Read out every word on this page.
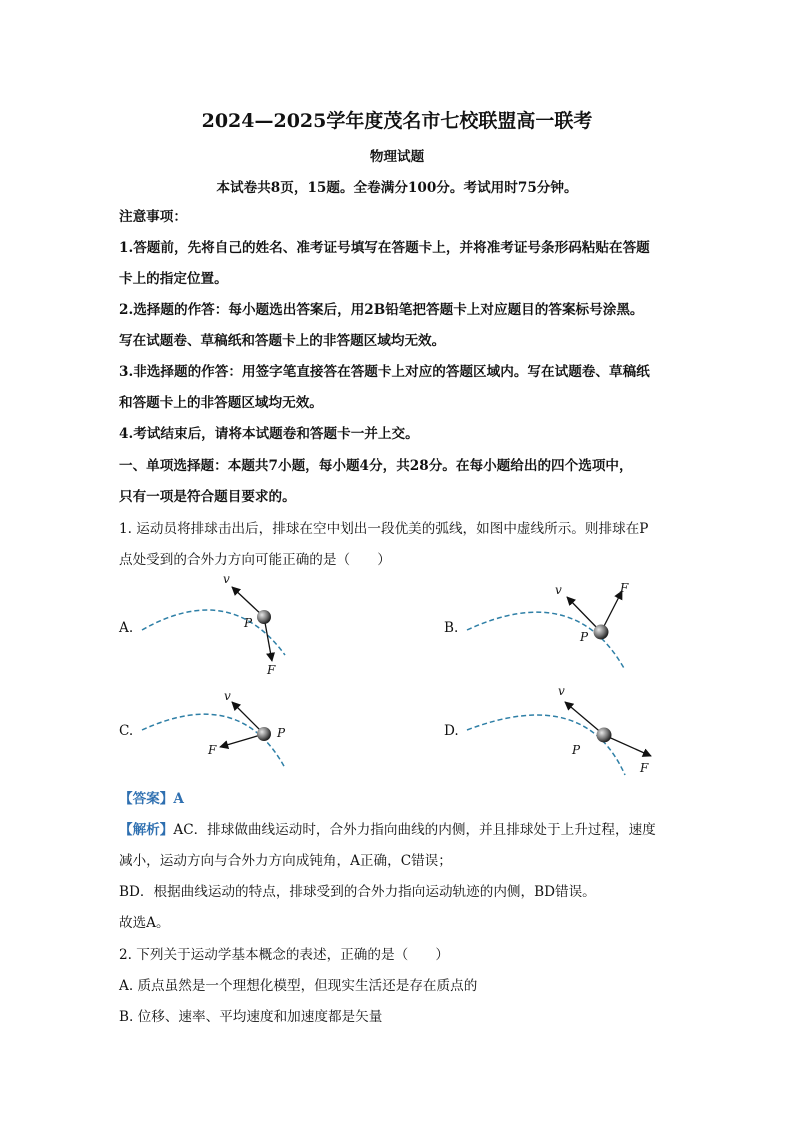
2024—2025学年度茂名市七校联盟高一联考
物理试题
本试卷共8页，15题。全卷满分100分。考试用时75分钟。
注意事项：
1.答题前，先将自己的姓名、准考证号填写在答题卡上，并将准考证号条形码粘贴在答题
卡上的指定位置。
2.选择题的作答：每小题选出答案后，用2B铅笔把答题卡上对应题目的答案标号涂黑。
写在试题卷、草稿纸和答题卡上的非答题区域均无效。
3.非选择题的作答：用签字笔直接答在答题卡上对应的答题区域内。写在试题卷、草稿纸
和答题卡上的非答题区域均无效。
4.考试结束后，请将本试题卷和答题卡一并上交。
一、单项选择题：本题共7小题，每小题4分，共28分。在每小题给出的四个选项中，
只有一项是符合题目要求的。
1. 运动员将排球击出后，排球在空中划出一段优美的弧线，如图中虚线所示。则排球在P
点处受到的合外力方向可能正确的是（　　）
A.
v
P
F
B.
v	F
P
C.
v
F
P	D.
v
P
F
【答案】A
【解析】AC．排球做曲线运动时，合外力指向曲线的内侧，并且排球处于上升过程，速度
减小，运动方向与合外力方向成钝角，A正确，C错误；
BD．根据曲线运动的特点，排球受到的合外力指向运动轨迹的内侧，BD错误。
故选A。
2. 下列关于运动学基本概念的表述，正确的是（　　）
A. 质点虽然是一个理想化模型，但现实生活还是存在质点的
B. 位移、速率、平均速度和加速度都是矢量
